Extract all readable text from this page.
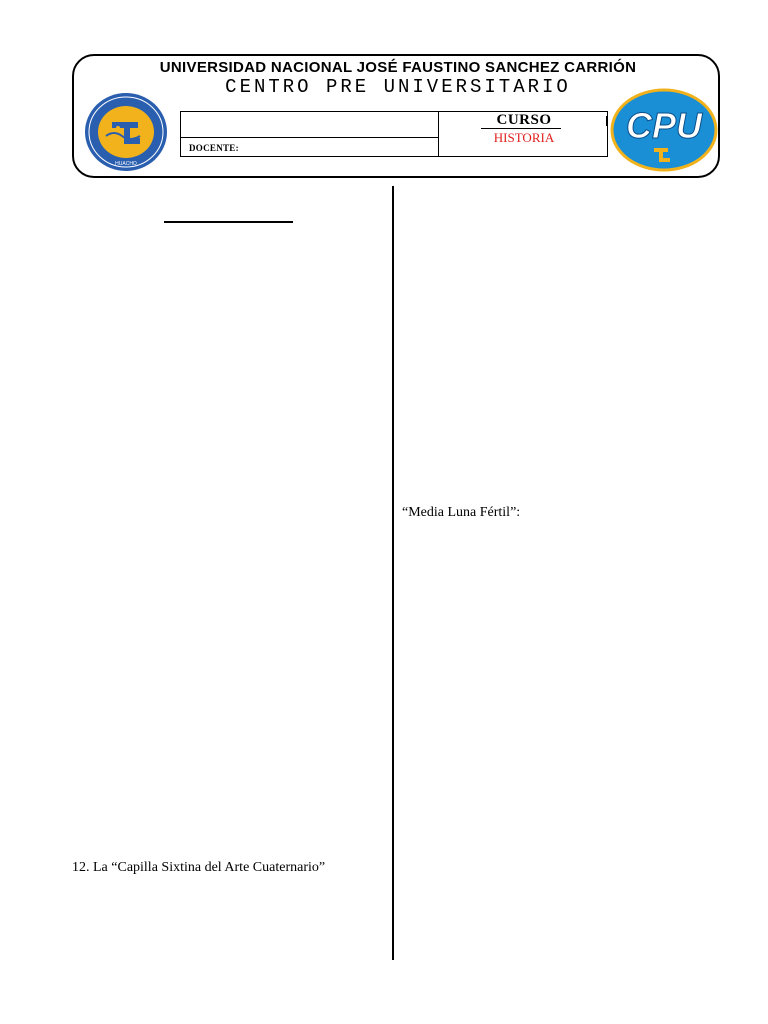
UNIVERSIDAD NACIONAL JOSÉ FAUSTINO SANCHEZ CARRIÓN
CENTRO PRE UNIVERSITARIO
HUACHO
DOCENTE:
CURSO
HISTORIA	CPU
“Media Luna Fértil”:
12. La “Capilla Sixtina del Arte Cuaternario”
